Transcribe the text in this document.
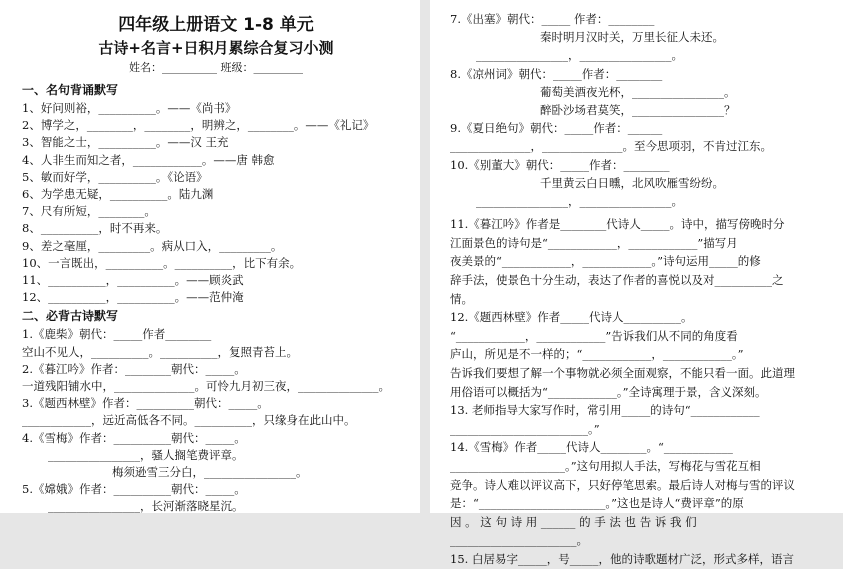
四年级上册语文 1-8 单元
古诗+名言+日积月累综合复习小测
姓名：__________ 班级：_________
一、名句背诵默写
1、好问则裕，__________。——《尚书》
2、博学之，________，________，明辨之，________。——《礼记》
3、智能之士，__________。——汉 王充
4、人非生而知之者，____________。——唐 韩愈
5、敏而好学，__________。《论语》
6、为学患无疑，__________。陆九渊
7、尺有所短，________。
8、__________，时不再来。
9、差之毫厘，_________。病从口入，_________。
10、一言既出，__________。__________，比下有余。
11、__________，__________。——顾炎武
12、__________，__________。——范仲淹
二、必背古诗默写
1.《鹿柴》朝代：_____作者________
空山不见人，__________。__________，复照青苔上。
2.《暮江吟》作者：________朝代：_____。
一道残阳铺水中，______________。可怜九月初三夜，______________。
3.《题西林壁》作者：__________朝代：_____。
____________，远近高低各不同。__________，只缘身在此山中。
4.《雪梅》作者：__________朝代：_____。
________________，骚人搁笔费评章。
梅须逊雪三分白，________________。
5.《嫦娥》作者：__________朝代：_____。
________________，长河渐落晓星沉。
7.《出塞》朝代：_____ 作者：________
秦时明月汉时关，万里长征人未还。
________________，________________。
8.《凉州词》朝代：_____作者：________
葡萄美酒夜光杯，________________。
醉卧沙场君莫笑，________________？
9.《夏日绝句》朝代：_____作者：______
______________，______________。至今思项羽，不肯过江东。
10.《别董大》朝代：_____作者：________
千里黄云白日曛，北风吹雁雪纷纷。
________________，________________。
11.《暮江吟》作者是________代诗人_____。诗中，描写傍晚时分
江面景色的诗句是“____________，____________”描写月
夜美景的“____________，____________。”诗句运用_____的修
辞手法，使景色十分生动，表达了作者的喜悦以及对__________之
情。
12.《题西林壁》作者_____代诗人__________。
“____________，____________”告诉我们从不同的角度看
庐山，所见是不一样的；“____________，____________。”
告诉我们要想了解一个事物就必须全面观察，不能只看一面。此道理
用俗语可以概括为“____________。”全诗寓理于景，含义深刻。
13. 老师指导大家写作时，常引用_____的诗句“____________
________________________。”
14.《雪梅》作者_____代诗人________。“____________
____________________。”这句用拟人手法，写梅花与雪花互相
竞争。诗人难以评议高下，只好停笔思索。最后诗人对梅与雪的评议
是：“______________________。”这也是诗人“费评章”的原
因 。 这 句 诗 用 ______ 的 手 法 也 告 诉 我 们
______________________。
15. 白居易字_____，号_____，他的诗歌题材广泛，形式多样，语言
